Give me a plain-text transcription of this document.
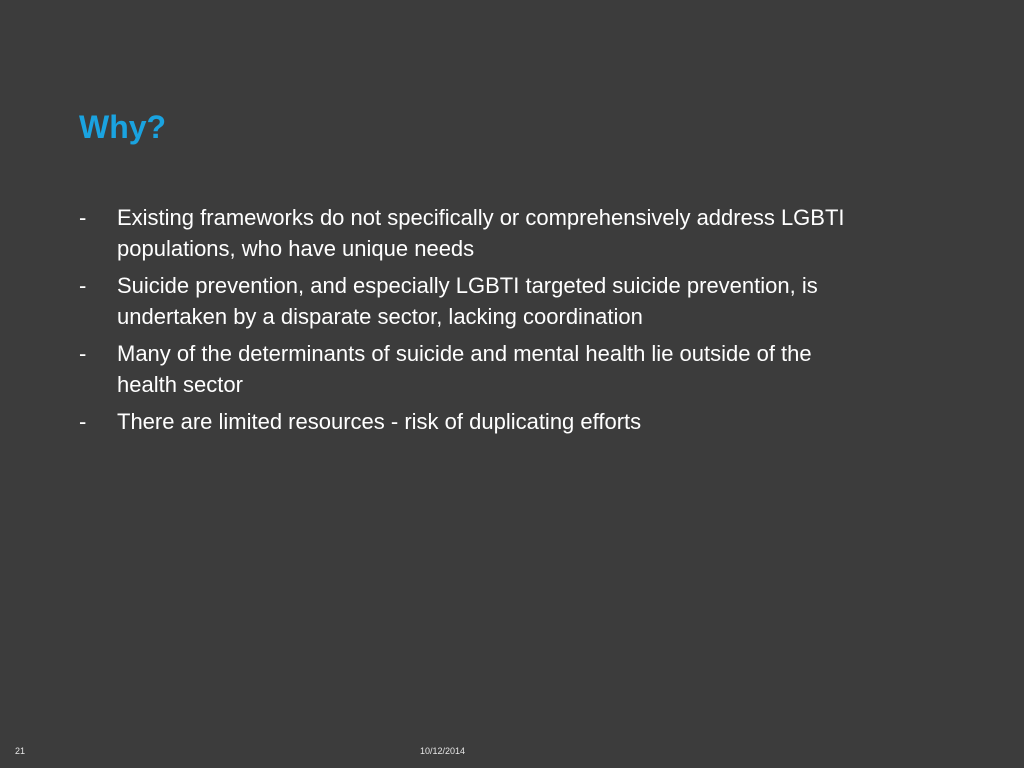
Why?
-	Existing frameworks do not specifically or comprehensively address LGBTI populations, who have unique needs
-	Suicide prevention, and especially LGBTI targeted suicide prevention, is undertaken by a disparate sector, lacking coordination
-	Many of the determinants of suicide and mental health lie outside of the health sector
-	There are limited resources - risk of duplicating efforts
21	10/12/2014
